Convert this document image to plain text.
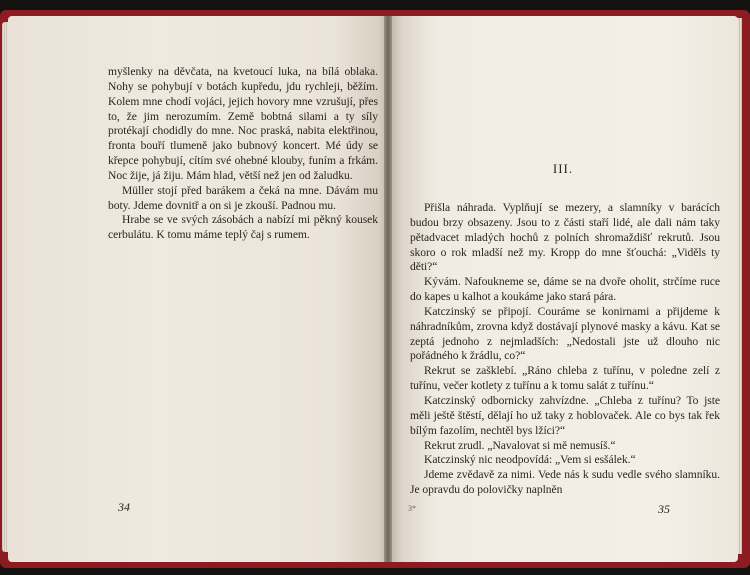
myšlenky na děvčata, na kvetoucí luka, na bílá oblaka. Nohy se pohybují v botách kupředu, jdu rychleji, běžím. Kolem mne chodí vojáci, jejich hovory mne vzrušují, přes to, že jim nerozumím. Země bobtná silami a ty síly protékají chodidly do mne. Noc praská, nabita elektřinou, fronta bouří tlumeně jako bubnový koncert. Mé údy se křepce pohybují, cítím své ohebné klouby, funím a frkám. Noc žije, já žiju. Mám hlad, větší než jen od žaludku.

Müller stojí před barákem a čeká na mne. Dávám mu boty. Jdeme dovnitř a on si je zkouší. Padnou mu.

Hrabe se ve svých zásobách a nabízí mi pěkný kousek cerbulátu. K tomu máme teplý čaj s rumem.

34
III.

Přišla náhrada. Vyplňují se mezery, a slamníky v barácích budou brzy obsazeny. Jsou to z části staří lidé, ale dali nám taky pětadvacet mladých hochů z polních shromaždišť rekrutů. Jsou skoro o rok mladší než my. Kropp do mne šťouchá: „Viděls ty děti?“

Kývám. Nafoukneme se, dáme se na dvoře oholit, strčíme ruce do kapes u kalhot a koukáme jako stará pára.

Katczinský se připojí. Couráme se konirnami a přijdeme k náhradníkům, zrovna když dostávají plynové masky a kávu. Kat se zeptá jednoho z nejmladších: „Nedostali jste už dlouho nic pořádného k žrádlu, co?“

Rekrut se zašklebí. „Ráno chleba z tuřínu, v poledne zelí z tuřínu, večer kotlety z tuřínu a k tomu salát z tuřínu.“

Katczinský odbornicky zahvízdne. „Chleba z tuřínu? To jste měli ještě štěstí, dělají ho už taky z hoblovaček. Ale co bys tak řek bílým fazolím, nechtěl bys lžíci?“

Rekrut zrudl. „Navalovat si mě nemusíš.“

Katczinský nic neodpovídá: „Vem si esšálek.“

Jdeme zvědavě za nimi. Vede nás k sudu vedle svého slamníku. Je opravdu do polovičky naplněn

3*	35
